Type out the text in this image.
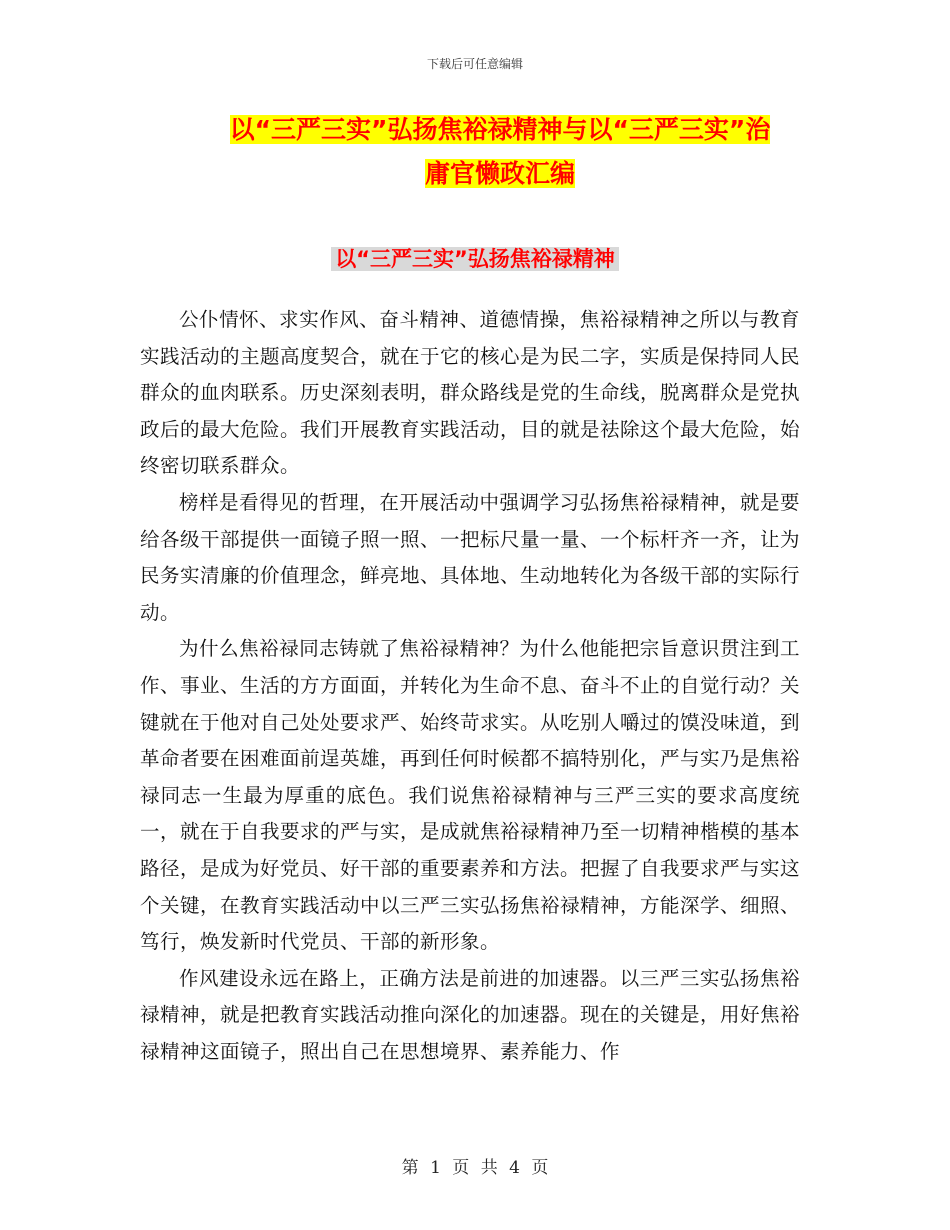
下载后可任意编辑
以“三严三实”弘扬焦裕禄精神与以“三严三实”治
庸官懒政汇编
以“三严三实”弘扬焦裕禄精神

公仆情怀、求实作风、奋斗精神、道德情操，焦裕禄精神之所以与教育实践活动的主题高度契合，就在于它的核心是为民二字，实质是保持同人民群众的血肉联系。历史深刻表明，群众路线是党的生命线，脱离群众是党执政后的最大危险。我们开展教育实践活动，目的就是祛除这个最大危险，始终密切联系群众。

榜样是看得见的哲理，在开展活动中强调学习弘扬焦裕禄精神，就是要给各级干部提供一面镜子照一照、一把标尺量一量、一个标杆齐一齐，让为民务实清廉的价值理念，鲜亮地、具体地、生动地转化为各级干部的实际行动。

为什么焦裕禄同志铸就了焦裕禄精神？为什么他能把宗旨意识贯注到工作、事业、生活的方方面面，并转化为生命不息、奋斗不止的自觉行动？关键就在于他对自己处处要求严、始终苛求实。从吃别人嚼过的馍没味道，到革命者要在困难面前逞英雄，再到任何时候都不搞特别化，严与实乃是焦裕禄同志一生最为厚重的底色。我们说焦裕禄精神与三严三实的要求高度统一，就在于自我要求的严与实，是成就焦裕禄精神乃至一切精神楷模的基本路径，是成为好党员、好干部的重要素养和方法。把握了自我要求严与实这个关键，在教育实践活动中以三严三实弘扬焦裕禄精神，方能深学、细照、笃行，焕发新时代党员、干部的新形象。

作风建设永远在路上，正确方法是前进的加速器。以三严三实弘扬焦裕禄精神，就是把教育实践活动推向深化的加速器。现在的关键是，用好焦裕禄精神这面镜子，照出自己在思想境界、素养能力、作

第 1 页 共 4 页
